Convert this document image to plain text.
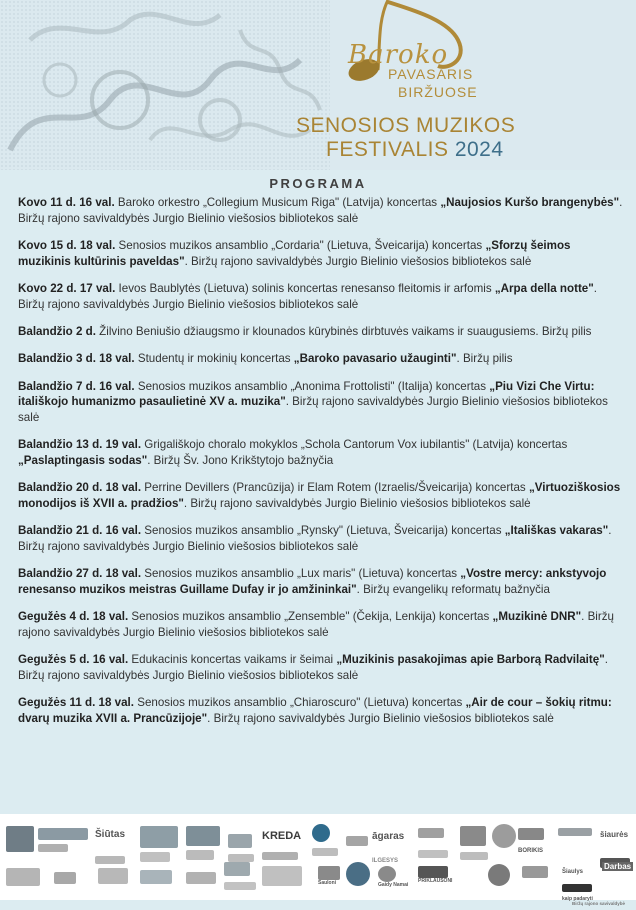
Baroko
PAVASARIS
BIRŽUOSE
SENOSIOS MUZIKOS
FESTIVALIS 2024
PROGRAMA
Kovo 11 d. 16 val. Baroko orkestro „Collegium Musicum Riga" (Latvija) koncertas „Naujosios Kuršo brangenybės". Biržų rajono savivaldybės Jurgio Bielinio viešosios bibliotekos salė
Kovo 15 d. 18 val. Senosios muzikos ansamblio „Cordaria" (Lietuva, Šveicarija) koncertas „Sforzų šeimos muzikinis kultūrinis paveldas". Biržų rajono savivaldybės Jurgio Bielinio viešosios bibliotekos salė
Kovo 22 d. 17 val. Ievos Baublytės (Lietuva) solinis koncertas renesanso fleitomis ir arfomis „Arpa della notte". Biržų rajono savivaldybės Jurgio Bielinio viešosios bibliotekos salė
Balandžio 2 d. Žilvino Beniušio džiaugsmo ir klounados kūrybinės dirbtuvės vaikams ir suaugusiems. Biržų pilis
Balandžio 3 d. 18 val. Studentų ir mokinių koncertas „Baroko pavasario užauginti". Biržų pilis
Balandžio 7 d. 16 val. Senosios muzikos ansamblio „Anonima Frottolisti" (Italija) koncertas „Piu Vizi Che Virtu: itališkojo humanizmo pasaulietinė XV a. muzika". Biržų rajono savivaldybės Jurgio Bielinio viešosios bibliotekos salė
Balandžio 13 d. 19 val. Grigališkojo choralo mokyklos „Schola Cantorum Vox iubilantis" (Latvija) koncertas „Paslaptingasis sodas". Biržų Šv. Jono Krikštytojo bažnyčia
Balandžio 20 d. 18 val. Perrine Devillers (Prancūzija) ir Elam Rotem (Izraelis/Šveicarija) koncertas „Virtuoziškosios monodijos iš XVII a. pradžios". Biržų rajono savivaldybės Jurgio Bielinio viešosios bibliotekos salė
Balandžio 21 d. 16 val. Senosios muzikos ansamblio „Rynsky" (Lietuva, Šveicarija) koncertas „Itališkas vakaras". Biržų rajono savivaldybės Jurgio Bielinio viešosios bibliotekos salė
Balandžio 27 d. 18 val. Senosios muzikos ansamblio „Lux maris" (Lietuva) koncertas „Vostre mercy: ankstyvojo renesanso muzikos meistras Guillame Dufay ir jo amžininkai". Biržų evangelikų reformatų bažnyčia
Gegužės 4 d. 18 val. Senosios muzikos ansamblio „Zensemble" (Čekija, Lenkija) koncertas „Muzikinė DNR". Biržų rajono savivaldybės Jurgio Bielinio viešosios bibliotekos salė
Gegužės 5 d. 16 val. Edukacinis koncertas vaikams ir šeimai „Muzikinis pasakojimas apie Barborą Radvilaitę". Biržų rajono savivaldybės Jurgio Bielinio viešosios bibliotekos salė
Gegužės 11 d. 18 val. Senosios muzikos ansamblio „Chiaroscuro" (Lietuva) koncertas „Air de cour – šokių ritmu: dvarų muzika XVII a. Prancūzijoje". Biržų rajono savivaldybės Jurgio Bielinio viešosios bibliotekos salė
Šiūtas	KREDA	āgaras
ILGESYS
BORIKIS
šiaurės
Darbas
Sauloni	Gaidy Namai
PRIKLAUSONI
Šiaulys
kaip padaryti
Biržų rajono savivaldybė
